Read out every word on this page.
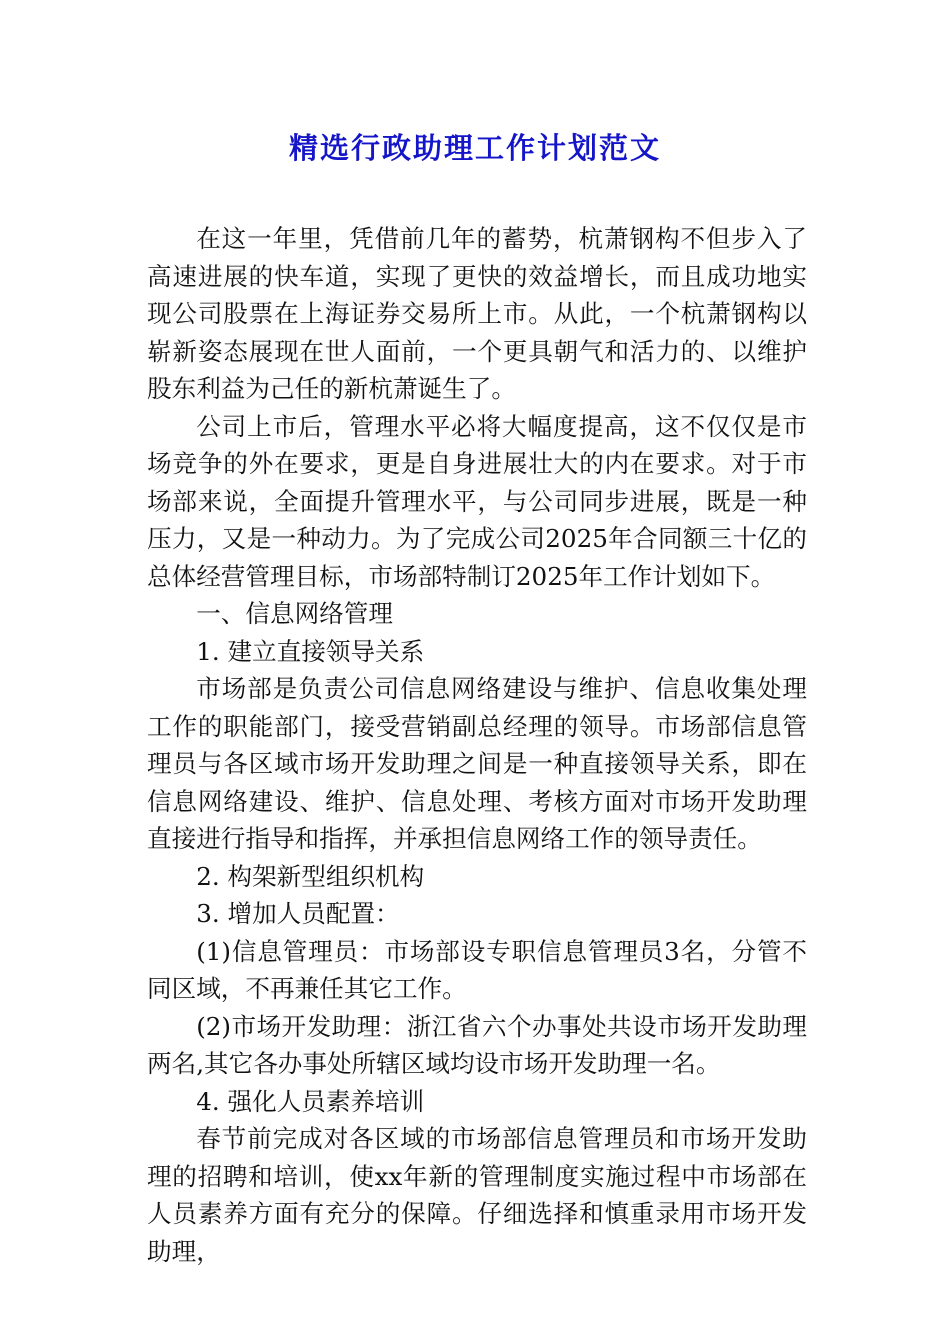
精选行政助理工作计划范文

在这一年里，凭借前几年的蓄势，杭萧钢构不但步入了高速进展的快车道，实现了更快的效益增长，而且成功地实现公司股票在上海证券交易所上市。从此，一个杭萧钢构以崭新姿态展现在世人面前，一个更具朝气和活力的、以维护股东利益为己任的新杭萧诞生了。

公司上市后，管理水平必将大幅度提高，这不仅仅是市场竞争的外在要求，更是自身进展壮大的内在要求。对于市场部来说，全面提升管理水平，与公司同步进展，既是一种压力，又是一种动力。为了完成公司2025年合同额三十亿的总体经营管理目标，市场部特制订2025年工作计划如下。

一、信息网络管理

1. 建立直接领导关系

市场部是负责公司信息网络建设与维护、信息收集处理工作的职能部门，接受营销副总经理的领导。市场部信息管理员与各区域市场开发助理之间是一种直接领导关系，即在信息网络建设、维护、信息处理、考核方面对市场开发助理直接进行指导和指挥，并承担信息网络工作的领导责任。

2. 构架新型组织机构

3. 增加人员配置：

(1)信息管理员：市场部设专职信息管理员3名，分管不同区域，不再兼任其它工作。

(2)市场开发助理：浙江省六个办事处共设市场开发助理两名,其它各办事处所辖区域均设市场开发助理一名。

4. 强化人员素养培训

春节前完成对各区域的市场部信息管理员和市场开发助理的招聘和培训，使xx年新的管理制度实施过程中市场部在人员素养方面有充分的保障。仔细选择和慎重录用市场开发助理，
